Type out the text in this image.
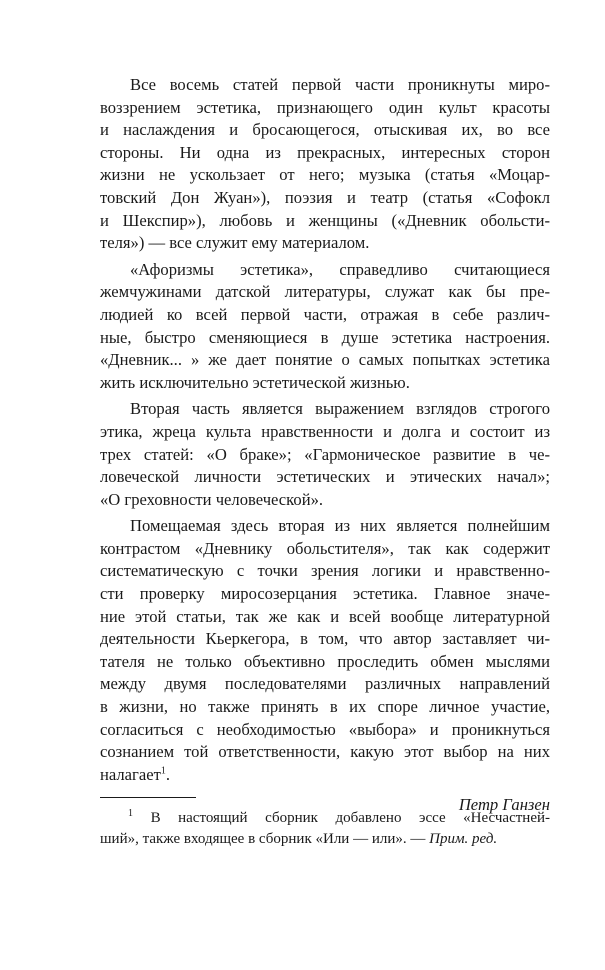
Все восемь статей первой части проникнуты миро-
воззрением эстетика, признающего один культ красоты
и наслаждения и бросающегося, отыскивая их, во все
стороны. Ни одна из прекрасных, интересных сторон
жизни не ускользает от него; музыка (статья «Моцар-
товский Дон Жуан»), поэзия и театр (статья «Софокл
и Шекспир»), любовь и женщины («Дневник обольсти-
теля») — все служит ему материалом.
«Афоризмы эстетика», справедливо считающиеся
жемчужинами датской литературы, служат как бы пре-
людией ко всей первой части, отражая в себе различ-
ные, быстро сменяющиеся в душе эстетика настроения.
«Дневник... » же дает понятие о самых попытках эстетика
жить исключительно эстетической жизнью.
Вторая часть является выражением взглядов строгого
этика, жреца культа нравственности и долга и состоит из
трех статей: «О браке»; «Гармоническое развитие в че-
ловеческой личности эстетических и этических начал»;
«О греховности человеческой».
Помещаемая здесь вторая из них является полнейшим
контрастом «Дневнику обольстителя», так как содержит
систематическую с точки зрения логики и нравственно-
сти проверку миросозерцания эстетика. Главное значе-
ние этой статьи, так же как и всей вообще литературной
деятельности Кьеркегора, в том, что автор заставляет чи-
тателя не только объективно проследить обмен мыслями
между двумя последователями различных направлений
в жизни, но также принять в их споре личное участие,
согласиться с необходимостью «выбора» и проникнуться
сознанием той ответственности, какую этот выбор на них
налагает$^1$.
Петр Ганзен
$^1$ В настоящий сборник добавлено эссе «Несчастней-
ший», также входящее в сборник «Или — или». — Прим. ред.
